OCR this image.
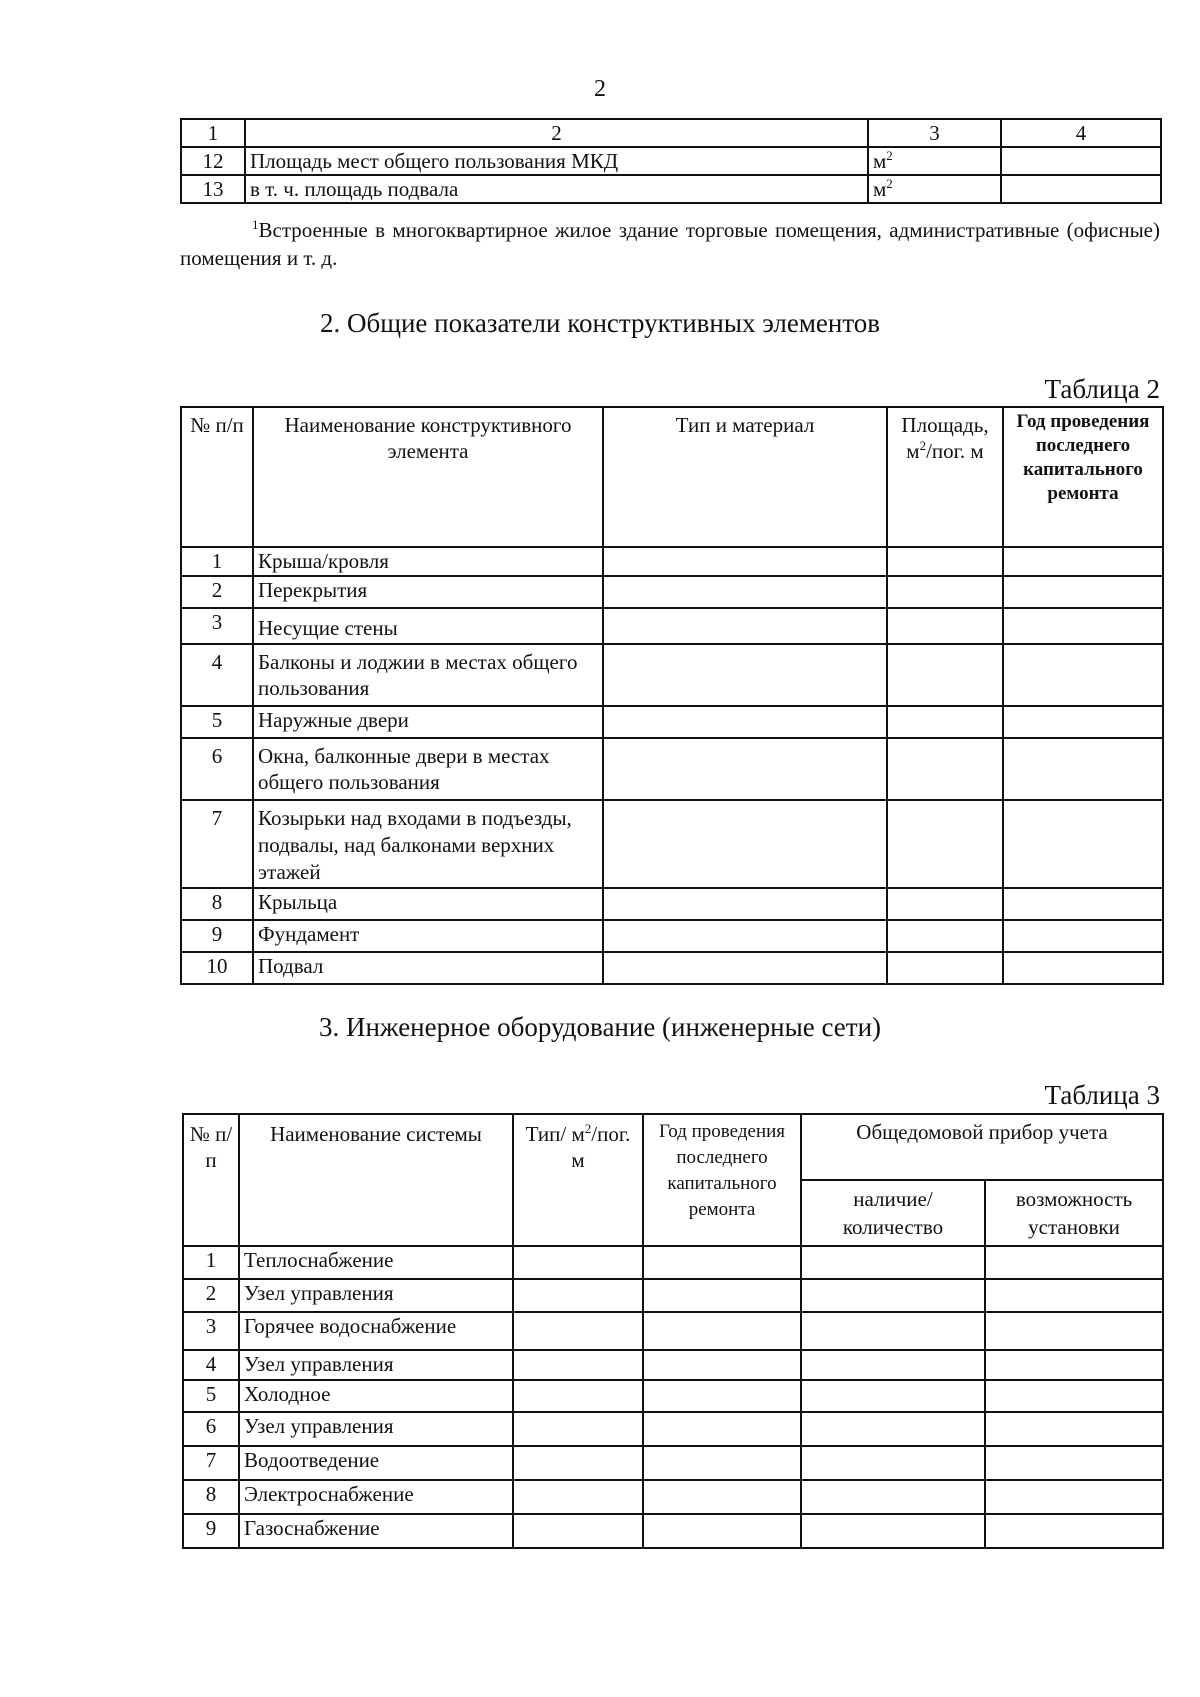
2
1	2	3	4
12	Площадь мест общего пользования МКД	$м^2$	
13	в т. ч. площадь подвала	$м^2$	
$^1$Встроенные в многоквартирное жилое здание торговые помещения, административные (офисные) помещения и т. д.
2. Общие показатели конструктивных элементов
Таблица 2
№ п/п	Наименование конструктивного элемента	Тип и материал	Площадь, $м^2$/пог. м	Год проведения последнего капитального ремонта
1	Крыша/кровля			
2	Перекрытия			
3	Несущие стены			
4	Балконы и лоджии в местах общего пользования			
5	Наружные двери			
6	Окна, балконные двери в местах общего пользования			
7	Козырьки над входами в подъезды, подвалы, над балконами верхних этажей			
8	Крыльца			
9	Фундамент			
10	Подвал			
3. Инженерное оборудование (инженерные сети)
Таблица 3
№ п/п	Наименование системы	Тип/ $м^2$/пог. м	Год проведения последнего капитального ремонта	Общедомовой прибор учета	
				наличие/ количество	возможность установки
1	Теплоснабжение				
2	Узел управления				
3	Горячее водоснабжение				
4	Узел управления				
5	Холодное				
6	Узел управления				
7	Водоотведение				
8	Электроснабжение				
9	Газоснабжение				
